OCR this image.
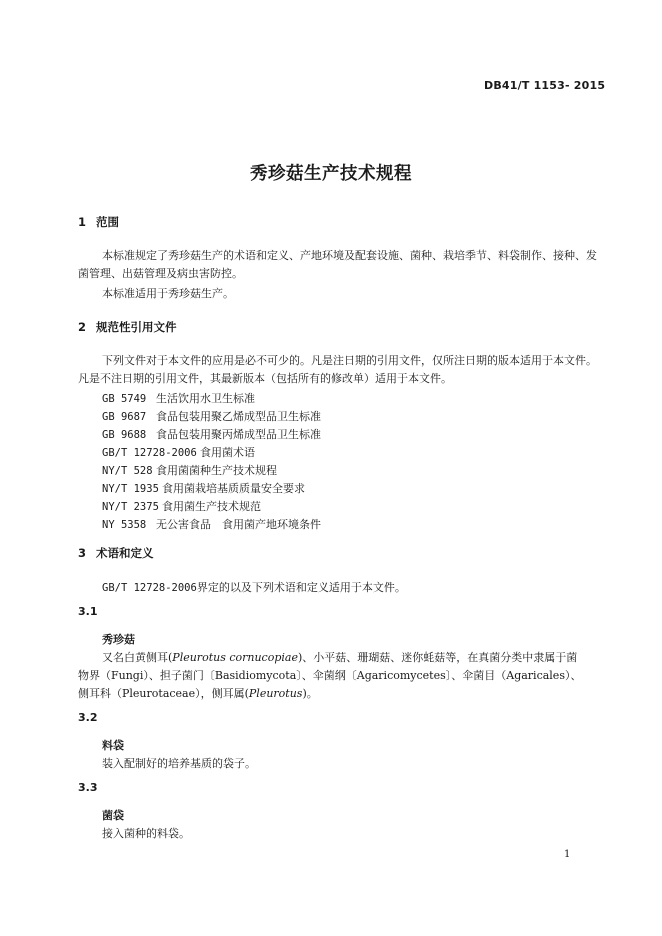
DB41/T 1153- 2015
秀珍菇生产技术规程
1 范围
本标准规定了秀珍菇生产的术语和定义、产地环境及配套设施、菌种、栽培季节、料袋制作、接种、发菌管理、出菇管理及病虫害防控。
本标准适用于秀珍菇生产。
2 规范性引用文件
下列文件对于本文件的应用是必不可少的。凡是注日期的引用文件，仅所注日期的版本适用于本文件。凡是不注日期的引用文件，其最新版本（包括所有的修改单）适用于本文件。
GB 5749 生活饮用水卫生标准
GB 9687 食品包装用聚乙烯成型品卫生标准
GB 9688 食品包装用聚丙烯成型品卫生标准
GB/T 12728-2006 食用菌术语
NY/T 528 食用菌菌种生产技术规程
NY/T 1935 食用菌栽培基质质量安全要求
NY/T 2375 食用菌生产技术规范
NY 5358 无公害食品　食用菌产地环境条件
3 术语和定义
GB/T 12728-2006界定的以及下列术语和定义适用于本文件。
3.1
秀珍菇
又名白黄侧耳(Pleurotus cornucopiae)、小平菇、珊瑚菇、迷你蚝菇等，在真菌分类中隶属于菌
物界（Fungi）、担子菌门〔Basidiomycota〕、伞菌纲〔Agaricomycetes〕、伞菌目（Agaricales）、
侧耳科（Pleurotaceae），侧耳属(Pleurotus)。
3.2
料袋
装入配制好的培养基质的袋子。
3.3
菌袋
接入菌种的料袋。
1
